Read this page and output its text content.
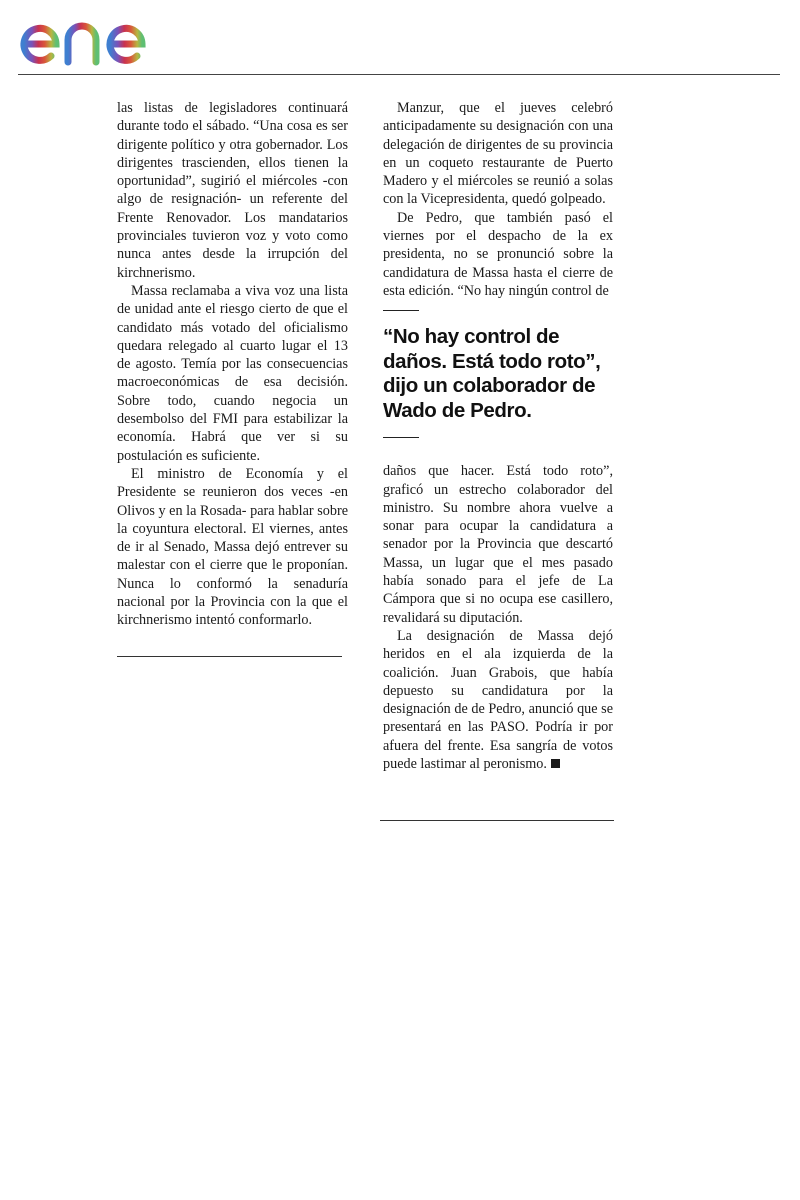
las listas de legisladores continuará durante todo el sábado. “Una cosa es ser dirigente político y otra gobernador. Los dirigentes trascienden, ellos tienen la oportunidad”, sugirió el miércoles -con algo de resignación- un referente del Frente Renovador. Los mandatarios provinciales tuvieron voz y voto como nunca antes desde la irrupción del kirchnerismo.

Massa reclamaba a viva voz una lista de unidad ante el riesgo cierto de que el candidato más votado del oficialismo quedara relegado al cuarto lugar el 13 de agosto. Temía por las consecuencias macroeconómicas de esa decisión. Sobre todo, cuando negocia un desembolso del FMI para estabilizar la economía. Habrá que ver si su postulación es suficiente.

El ministro de Economía y el Presidente se reunieron dos veces -en Olivos y en la Rosada- para hablar sobre la coyuntura electoral. El viernes, antes de ir al Senado, Massa dejó entrever su malestar con el cierre que le proponían. Nunca lo conformó la senaduría nacional por la Provincia con la que el kirchnerismo intentó conformarlo.

Manzur, que el jueves celebró anticipadamente su designación con una delegación de dirigentes de su provincia en un coqueto restaurante de Puerto Madero y el miércoles se reunió a solas con la Vicepresidenta, quedó golpeado.

De Pedro, que también pasó el viernes por el despacho de la ex presidenta, no se pronunció sobre la candidatura de Massa hasta el cierre de esta edición. “No hay ningún control de

“No hay control de daños. Está todo roto”, dijo un colaborador de Wado de Pedro.

daños que hacer. Está todo roto”, graficó un estrecho colaborador del ministro. Su nombre ahora vuelve a sonar para ocupar la candidatura a senador por la Provincia que descartó Massa, un lugar que el mes pasado había sonado para el jefe de La Cámpora que si no ocupa ese casillero, revalidará su diputación.

La designación de Massa dejó heridos en el ala izquierda de la coalición. Juan Grabois, que había depuesto su candidatura por la designación de de Pedro, anunció que se presentará en las PASO. Podría ir por afuera del frente. Esa sangría de votos puede lastimar al peronismo.
